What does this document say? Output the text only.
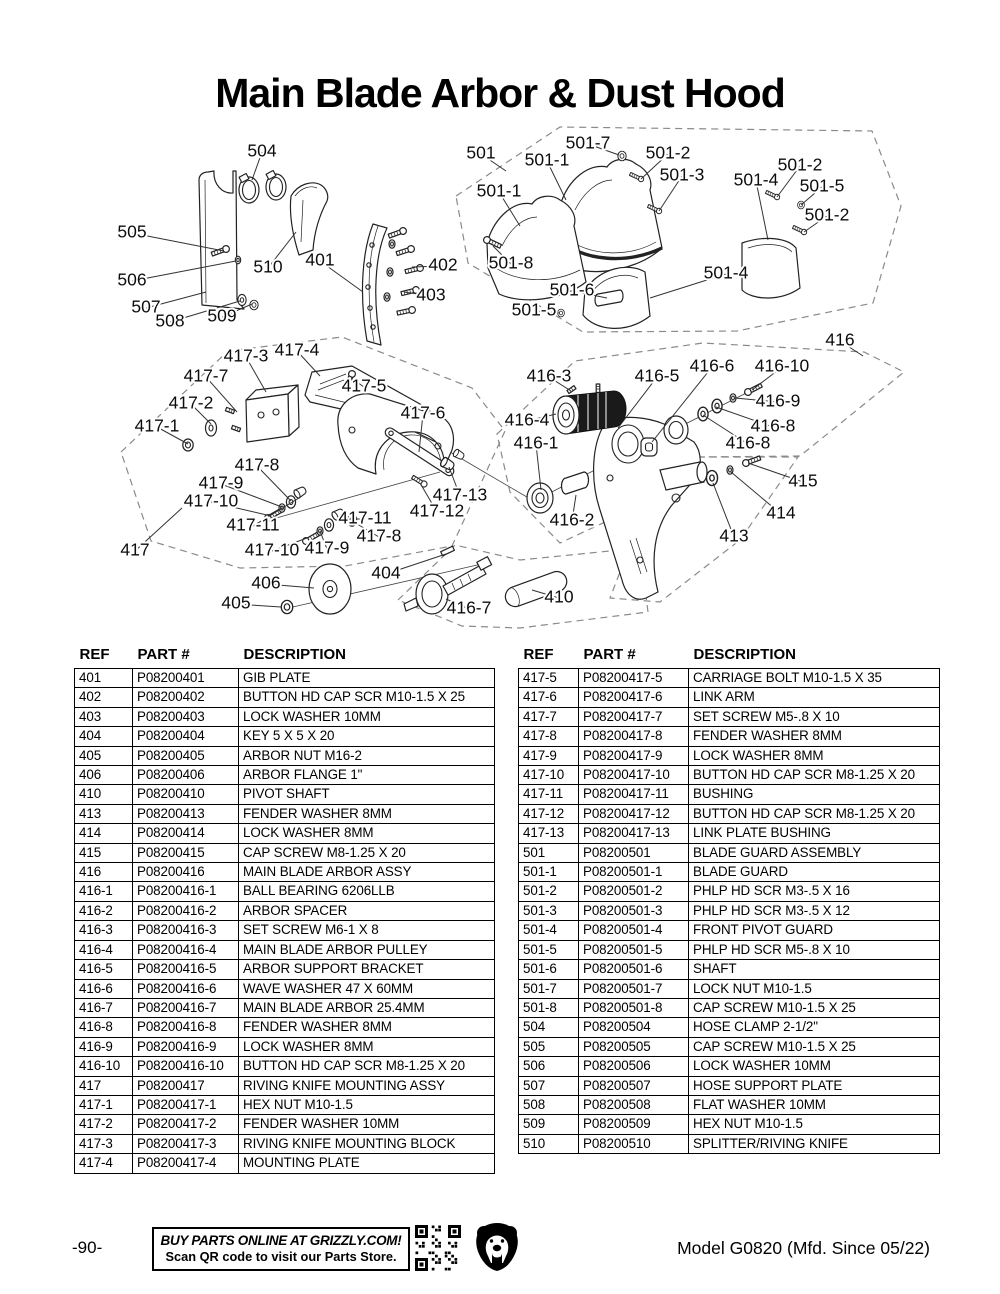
Main Blade Arbor & Dust Hood
504
505
506
507
508 509
510 401	402
403
501	501-7
501-1	501-2
501-3
501-1
501-4
501-2
501-5
501-2
501-8
501-6
501-5
501-4
416
417-3 417-4
417-7
417-2
417-1
417-5
417-6
417-8
417-9
417-10
417-11	417-11
417-13
417-12
417-8
417-10 417-9
417
416-3	416-5 416-6 416-10
416-9
416-4	416-8
416-8
416-1
416-2
415
414
413
406
405
404
416-7
410
REF	PART #	DESCRIPTION
401	P08200401	GIB PLATE
402	P08200402	BUTTON HD CAP SCR M10-1.5 X 25
403	P08200403	LOCK WASHER 10MM
404	P08200404	KEY 5 X 5 X 20
405	P08200405	ARBOR NUT M16-2
406	P08200406	ARBOR FLANGE 1"
410	P08200410	PIVOT SHAFT
413	P08200413	FENDER WASHER 8MM
414	P08200414	LOCK WASHER 8MM
415	P08200415	CAP SCREW M8-1.25 X 20
416	P08200416	MAIN BLADE ARBOR ASSY
416-1	P08200416-1	BALL BEARING 6206LLB
416-2	P08200416-2	ARBOR SPACER
416-3	P08200416-3	SET SCREW M6-1 X 8
416-4	P08200416-4	MAIN BLADE ARBOR PULLEY
416-5	P08200416-5	ARBOR SUPPORT BRACKET
416-6	P08200416-6	WAVE WASHER 47 X 60MM
416-7	P08200416-7	MAIN BLADE ARBOR 25.4MM
416-8	P08200416-8	FENDER WASHER 8MM
416-9	P08200416-9	LOCK WASHER 8MM
416-10	P08200416-10	BUTTON HD CAP SCR M8-1.25 X 20
417	P08200417	RIVING KNIFE MOUNTING ASSY
417-1	P08200417-1	HEX NUT M10-1.5
417-2	P08200417-2	FENDER WASHER 10MM
417-3	P08200417-3	RIVING KNIFE MOUNTING BLOCK
417-4	P08200417-4	MOUNTING PLATE
REF	PART #	DESCRIPTION
417-5	P08200417-5	CARRIAGE BOLT M10-1.5 X 35
417-6	P08200417-6	LINK ARM
417-7	P08200417-7	SET SCREW M5-.8 X 10
417-8	P08200417-8	FENDER WASHER 8MM
417-9	P08200417-9	LOCK WASHER 8MM
417-10	P08200417-10	BUTTON HD CAP SCR M8-1.25 X 20
417-11	P08200417-11	BUSHING
417-12	P08200417-12	BUTTON HD CAP SCR M8-1.25 X 20
417-13	P08200417-13	LINK PLATE BUSHING
501	P08200501	BLADE GUARD ASSEMBLY
501-1	P08200501-1	BLADE GUARD
501-2	P08200501-2	PHLP HD SCR M3-.5 X 16
501-3	P08200501-3	PHLP HD SCR M3-.5 X 12
501-4	P08200501-4	FRONT PIVOT GUARD
501-5	P08200501-5	PHLP HD SCR M5-.8 X 10
501-6	P08200501-6	SHAFT
501-7	P08200501-7	LOCK NUT M10-1.5
501-8	P08200501-8	CAP SCREW M10-1.5 X 25
504	P08200504	HOSE CLAMP 2-1/2"
505	P08200505	CAP SCREW M10-1.5 X 25
506	P08200506	LOCK WASHER 10MM
507	P08200507	HOSE SUPPORT PLATE
508	P08200508	FLAT WASHER 10MM
509	P08200509	HEX NUT M10-1.5
510	P08200510	SPLITTER/RIVING KNIFE
-90-	BUY PARTS ONLINE AT GRIZZLY.COM!
Scan QR code to visit our Parts Store.	Model G0820 (Mfd. Since 05/22)
